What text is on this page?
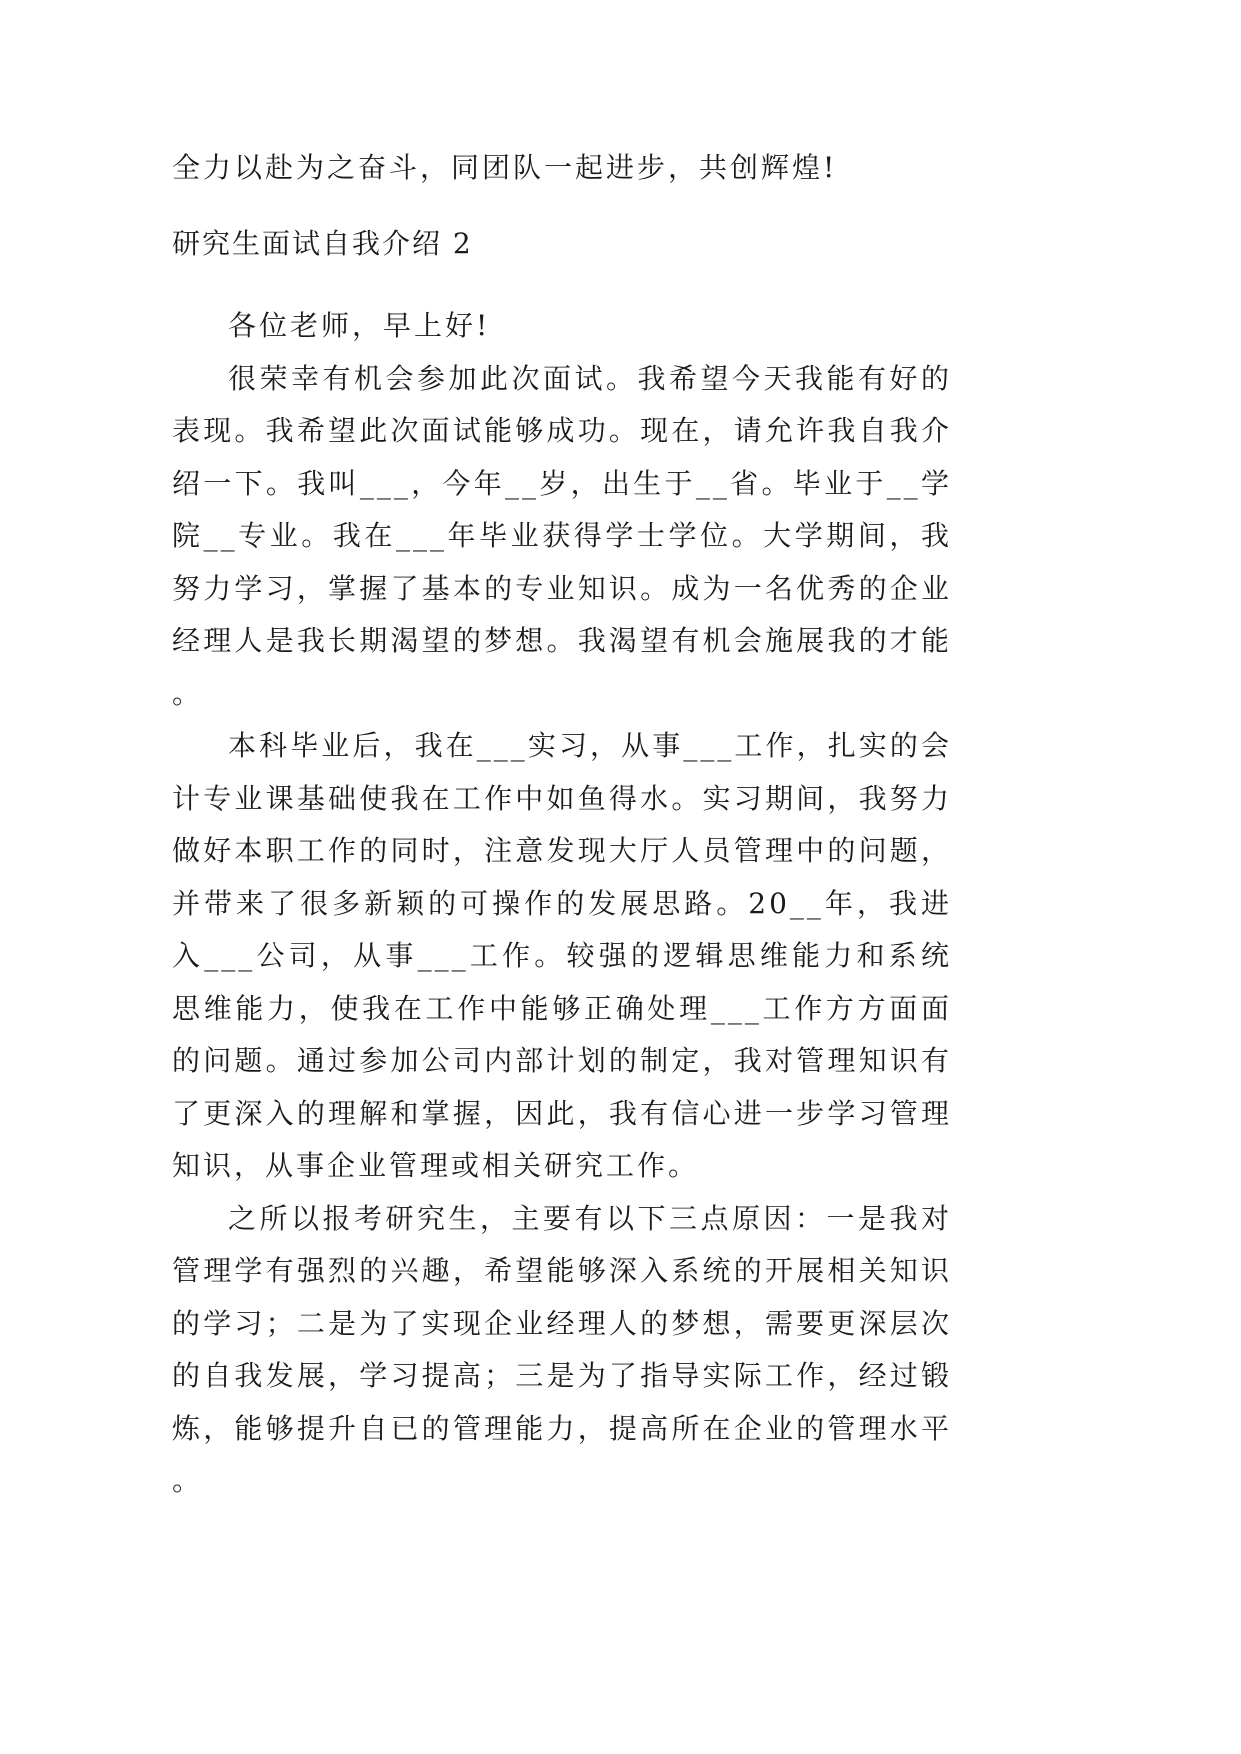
全力以赴为之奋斗，同团队一起进步，共创辉煌!
研究生面试自我介绍 2

各位老师，早上好!

很荣幸有机会参加此次面试。我希望今天我能有好的表现。我希望此次面试能够成功。现在，请允许我自我介绍一下。我叫___，今年__岁，出生于__省。毕业于__学院__专业。我在___年毕业获得学士学位。大学期间，我努力学习，掌握了基本的专业知识。成为一名优秀的企业经理人是我长期渴望的梦想。我渴望有机会施展我的才能。

本科毕业后，我在___实习，从事___工作，扎实的会计专业课基础使我在工作中如鱼得水。实习期间，我努力做好本职工作的同时，注意发现大厅人员管理中的问题，并带来了很多新颖的可操作的发展思路。20__年，我进入___公司，从事___工作。较强的逻辑思维能力和系统思维能力，使我在工作中能够正确处理___工作方方面面的问题。通过参加公司内部计划的制定，我对管理知识有了更深入的理解和掌握，因此，我有信心进一步学习管理知识，从事企业管理或相关研究工作。

之所以报考研究生，主要有以下三点原因：一是我对管理学有强烈的兴趣，希望能够深入系统的开展相关知识的学习；二是为了实现企业经理人的梦想，需要更深层次的自我发展，学习提高；三是为了指导实际工作，经过锻炼，能够提升自已的管理能力，提高所在企业的管理水平。
